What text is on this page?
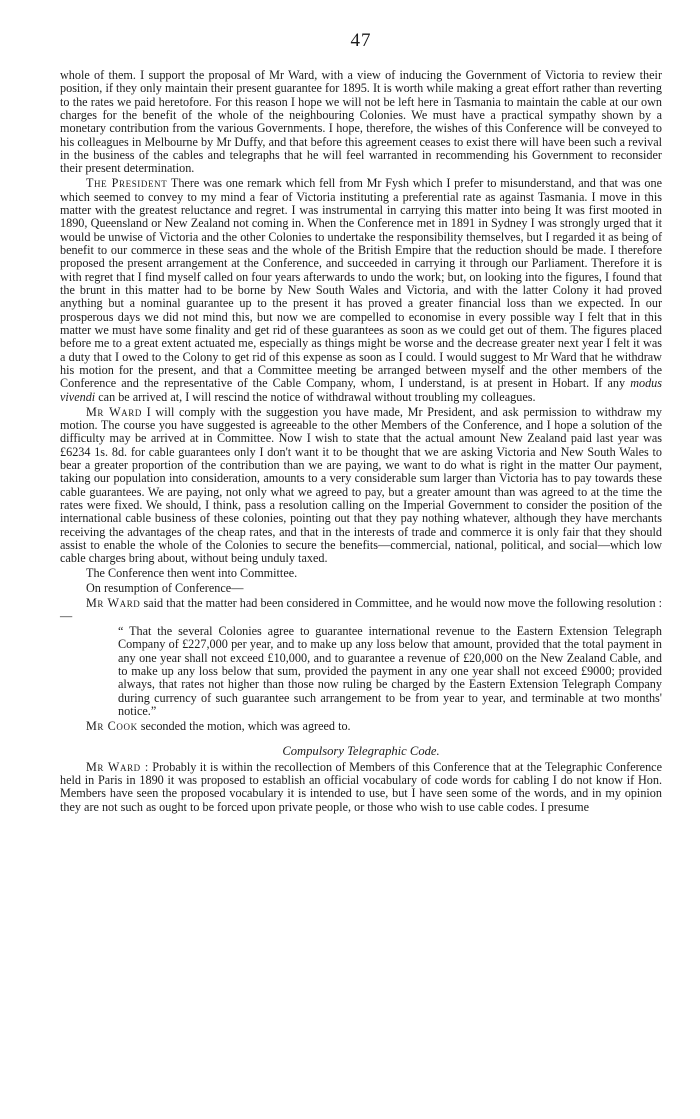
47

whole of them. I support the proposal of Mr Ward, with a view of inducing the Government of Victoria to review their position, if they only maintain their present guarantee for 1895. It is worth while making a great effort rather than reverting to the rates we paid heretofore. For this reason I hope we will not be left here in Tasmania to maintain the cable at our own charges for the benefit of the whole of the neighbouring Colonies. We must have a practical sympathy shown by a monetary contribution from the various Governments. I hope, therefore, the wishes of this Conference will be conveyed to his colleagues in Melbourne by Mr Duffy, and that before this agreement ceases to exist there will have been such a revival in the business of the cables and telegraphs that he will feel warranted in recommending his Government to reconsider their present determination.

The President There was one remark which fell from Mr Fysh which I prefer to misunderstand, and that was one which seemed to convey to my mind a fear of Victoria instituting a preferential rate as against Tasmania. I move in this matter with the greatest reluctance and regret. I was instrumental in carrying this matter into being It was first mooted in 1890, Queensland or New Zealand not coming in. When the Conference met in 1891 in Sydney I was strongly urged that it would be unwise of Victoria and the other Colonies to undertake the responsibility themselves, but I regarded it as being of benefit to our commerce in these seas and the whole of the British Empire that the reduction should be made. I therefore proposed the present arrangement at the Conference, and succeeded in carrying it through our Parliament. Therefore it is with regret that I find myself called on four years afterwards to undo the work; but, on looking into the figures, I found that the brunt in this matter had to be borne by New South Wales and Victoria, and with the latter Colony it had proved anything but a nominal guarantee up to the present it has proved a greater financial loss than we expected. In our prosperous days we did not mind this, but now we are compelled to economise in every possible way I felt that in this matter we must have some finality and get rid of these guarantees as soon as we could get out of them. The figures placed before me to a great extent actuated me, especially as things might be worse and the decrease greater next year I felt it was a duty that I owed to the Colony to get rid of this expense as soon as I could. I would suggest to Mr Ward that he withdraw his motion for the present, and that a Committee meeting be arranged between myself and the other members of the Conference and the representative of the Cable Company, whom, I understand, is at present in Hobart. If any modus vivendi can be arrived at, I will rescind the notice of withdrawal without troubling my colleagues.

Mr Ward I will comply with the suggestion you have made, Mr President, and ask permission to withdraw my motion. The course you have suggested is agreeable to the other Members of the Conference, and I hope a solution of the difficulty may be arrived at in Committee. Now I wish to state that the actual amount New Zealand paid last year was £6234 1s. 8d. for cable guarantees only I don't want it to be thought that we are asking Victoria and New South Wales to bear a greater proportion of the contribution than we are paying, we want to do what is right in the matter Our payment, taking our population into consideration, amounts to a very considerable sum larger than Victoria has to pay towards these cable guarantees. We are paying, not only what we agreed to pay, but a greater amount than was agreed to at the time the rates were fixed. We should, I think, pass a resolution calling on the Imperial Government to consider the position of the international cable business of these colonies, pointing out that they pay nothing whatever, although they have merchants receiving the advantages of the cheap rates, and that in the interests of trade and commerce it is only fair that they should assist to enable the whole of the Colonies to secure the benefits—commercial, national, political, and social—which low cable charges bring about, without being unduly taxed.

The Conference then went into Committee.

On resumption of Conference—

Mr Ward said that the matter had been considered in Committee, and he would now move the following resolution :—

“ That the several Colonies agree to guarantee international revenue to the Eastern Extension Telegraph Company of £227,000 per year, and to make up any loss below that amount, provided that the total payment in any one year shall not exceed £10,000, and to guarantee a revenue of £20,000 on the New Zealand Cable, and to make up any loss below that sum, provided the payment in any one year shall not exceed £9000; provided always, that rates not higher than those now ruling be charged by the Eastern Extension Telegraph Company during currency of such guarantee such arrangement to be from year to year, and terminable at two months' notice.”

Mr Cook seconded the motion, which was agreed to.

Compulsory Telegraphic Code.

Mr Ward : Probably it is within the recollection of Members of this Conference that at the Telegraphic Conference held in Paris in 1890 it was proposed to establish an official vocabulary of code words for cabling I do not know if Hon. Members have seen the proposed vocabulary it is intended to use, but I have seen some of the words, and in my opinion they are not such as ought to be forced upon private people, or those who wish to use cable codes. I presume
